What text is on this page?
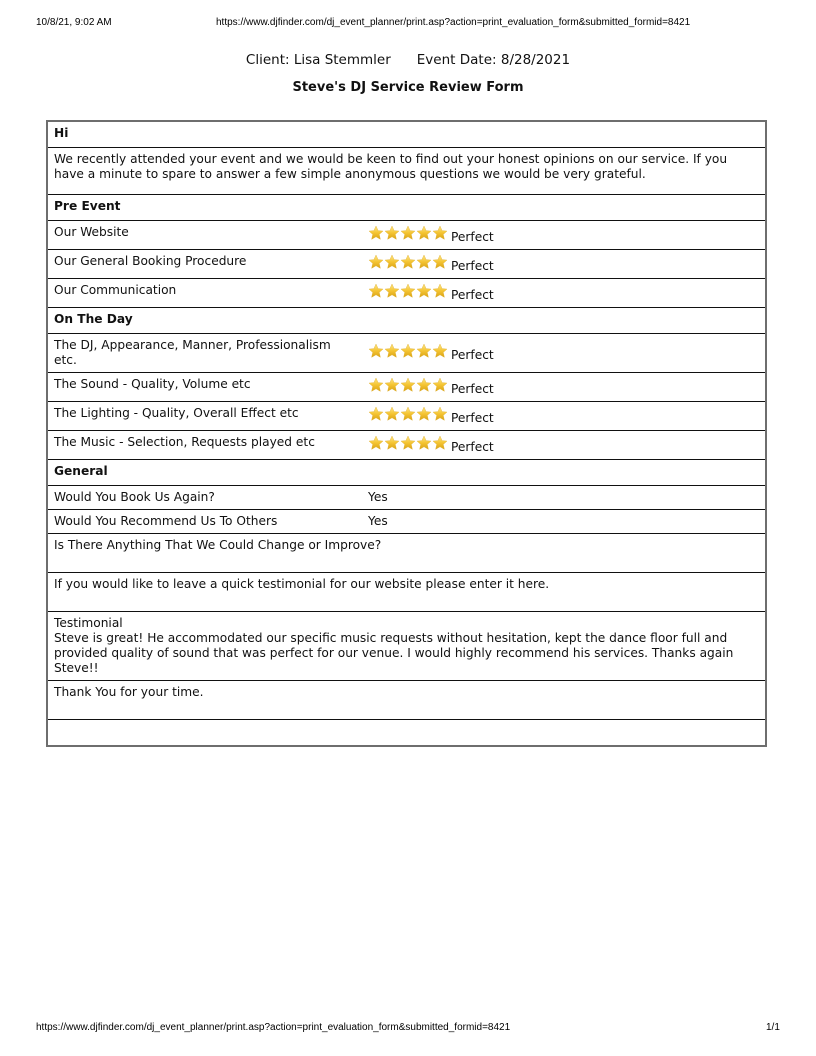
10/8/21, 9:02 AM	https://www.djfinder.com/dj_event_planner/print.asp?action=print_evaluation_form&submitted_formid=8421
Client: Lisa Stemmler Event Date: 8/28/2021
Steve's DJ Service Review Form
Hi	
We recently attended your event and we would be keen to find out your honest opinions on our service. If you have a minute to spare to answer a few simple anonymous questions we would be very grateful.	
Pre Event	
Our Website	Perfect
Our General Booking Procedure	Perfect
Our Communication	Perfect
On The Day	
The DJ, Appearance, Manner, Professionalism etc.	Perfect
The Sound - Quality, Volume etc	Perfect
The Lighting - Quality, Overall Effect etc	Perfect
The Music - Selection, Requests played etc	Perfect
General	
Would You Book Us Again?	Yes
Would You Recommend Us To Others	Yes
Is There Anything That We Could Change or Improve?	
If you would like to leave a quick testimonial for our website please enter it here.	

Testimonial
Steve is great! He accommodated our specific music requests without hesitation, kept the dance floor full and provided quality of sound that was perfect for our venue. I would highly recommend his services. Thanks again Steve!!	

Thank You for your time.	

https://www.djfinder.com/dj_event_planner/print.asp?action=print_evaluation_form&submitted_formid=8421	1/1
